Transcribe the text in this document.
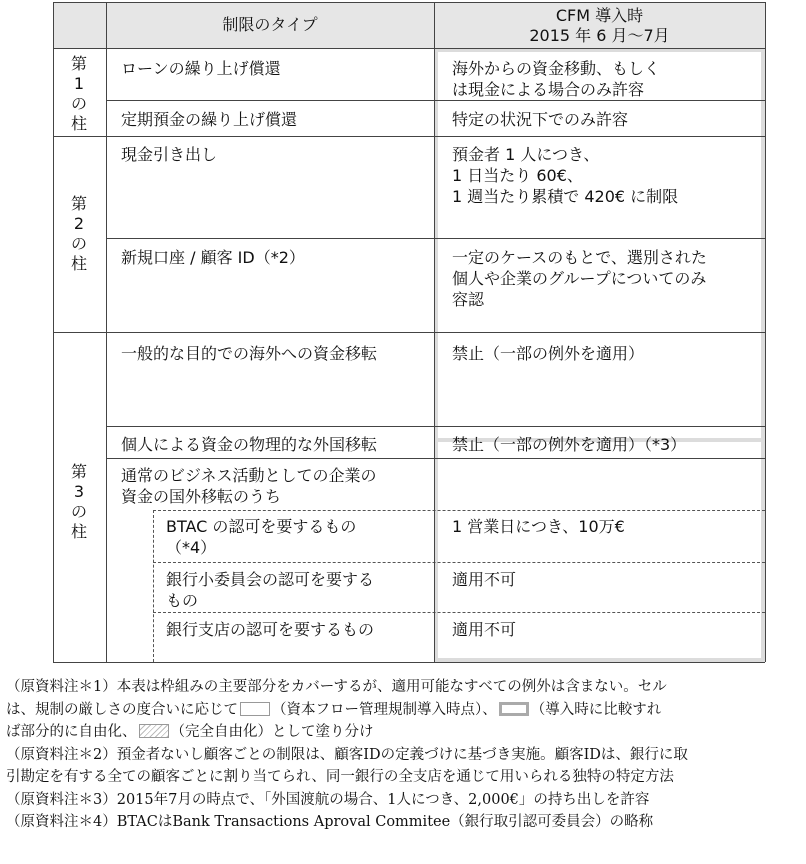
制限のタイプ	CFM 導入時
2015 年 6 月〜7月
第1の柱
第2の柱
第3の柱
ローンの繰り上げ償還
定期預金の繰り上げ償還
現金引き出し
新規口座 / 顧客 ID（*2）
一般的な目的での海外への資金移転
個人による資金の物理的な外国移転
通常のビジネス活動としての企業の
資金の国外移転のうち
BTAC の認可を要するもの
（*4）
銀行小委員会の認可を要する
もの
銀行支店の認可を要するもの
海外からの資金移動、もしく
は現金による場合のみ許容
特定の状況下でのみ許容
預金者 1 人につき、
1 日当たり 60€、
1 週当たり累積で 420€ に制限
一定のケースのもとで、選別された
個人や企業のグループについてのみ
容認
禁止（一部の例外を適用）
禁止（一部の例外を適用）（*3）
1 営業日につき、10万€
適用不可
適用不可
（原資料注＊1）本表は枠組みの主要部分をカバーするが、適用可能なすべての例外は含まない。セル
は、規制の厳しさの度合いに応じて （資本フロー管理規制導入時点）、 （導入時に比較すれ
ば部分的に自由化、 （完全自由化）として塗り分け
（原資料注＊2）預金者ないし顧客ごとの制限は、顧客IDの定義づけに基づき実施。顧客IDは、銀行に取
引勘定を有する全ての顧客ごとに割り当てられ、同一銀行の全支店を通じて用いられる独特の特定方法
（原資料注＊3）2015年7月の時点で、「外国渡航の場合、1人につき、2,000€」の持ち出しを許容
（原資料注＊4）BTACはBank Transactions Aproval Commitee（銀行取引認可委員会）の略称
